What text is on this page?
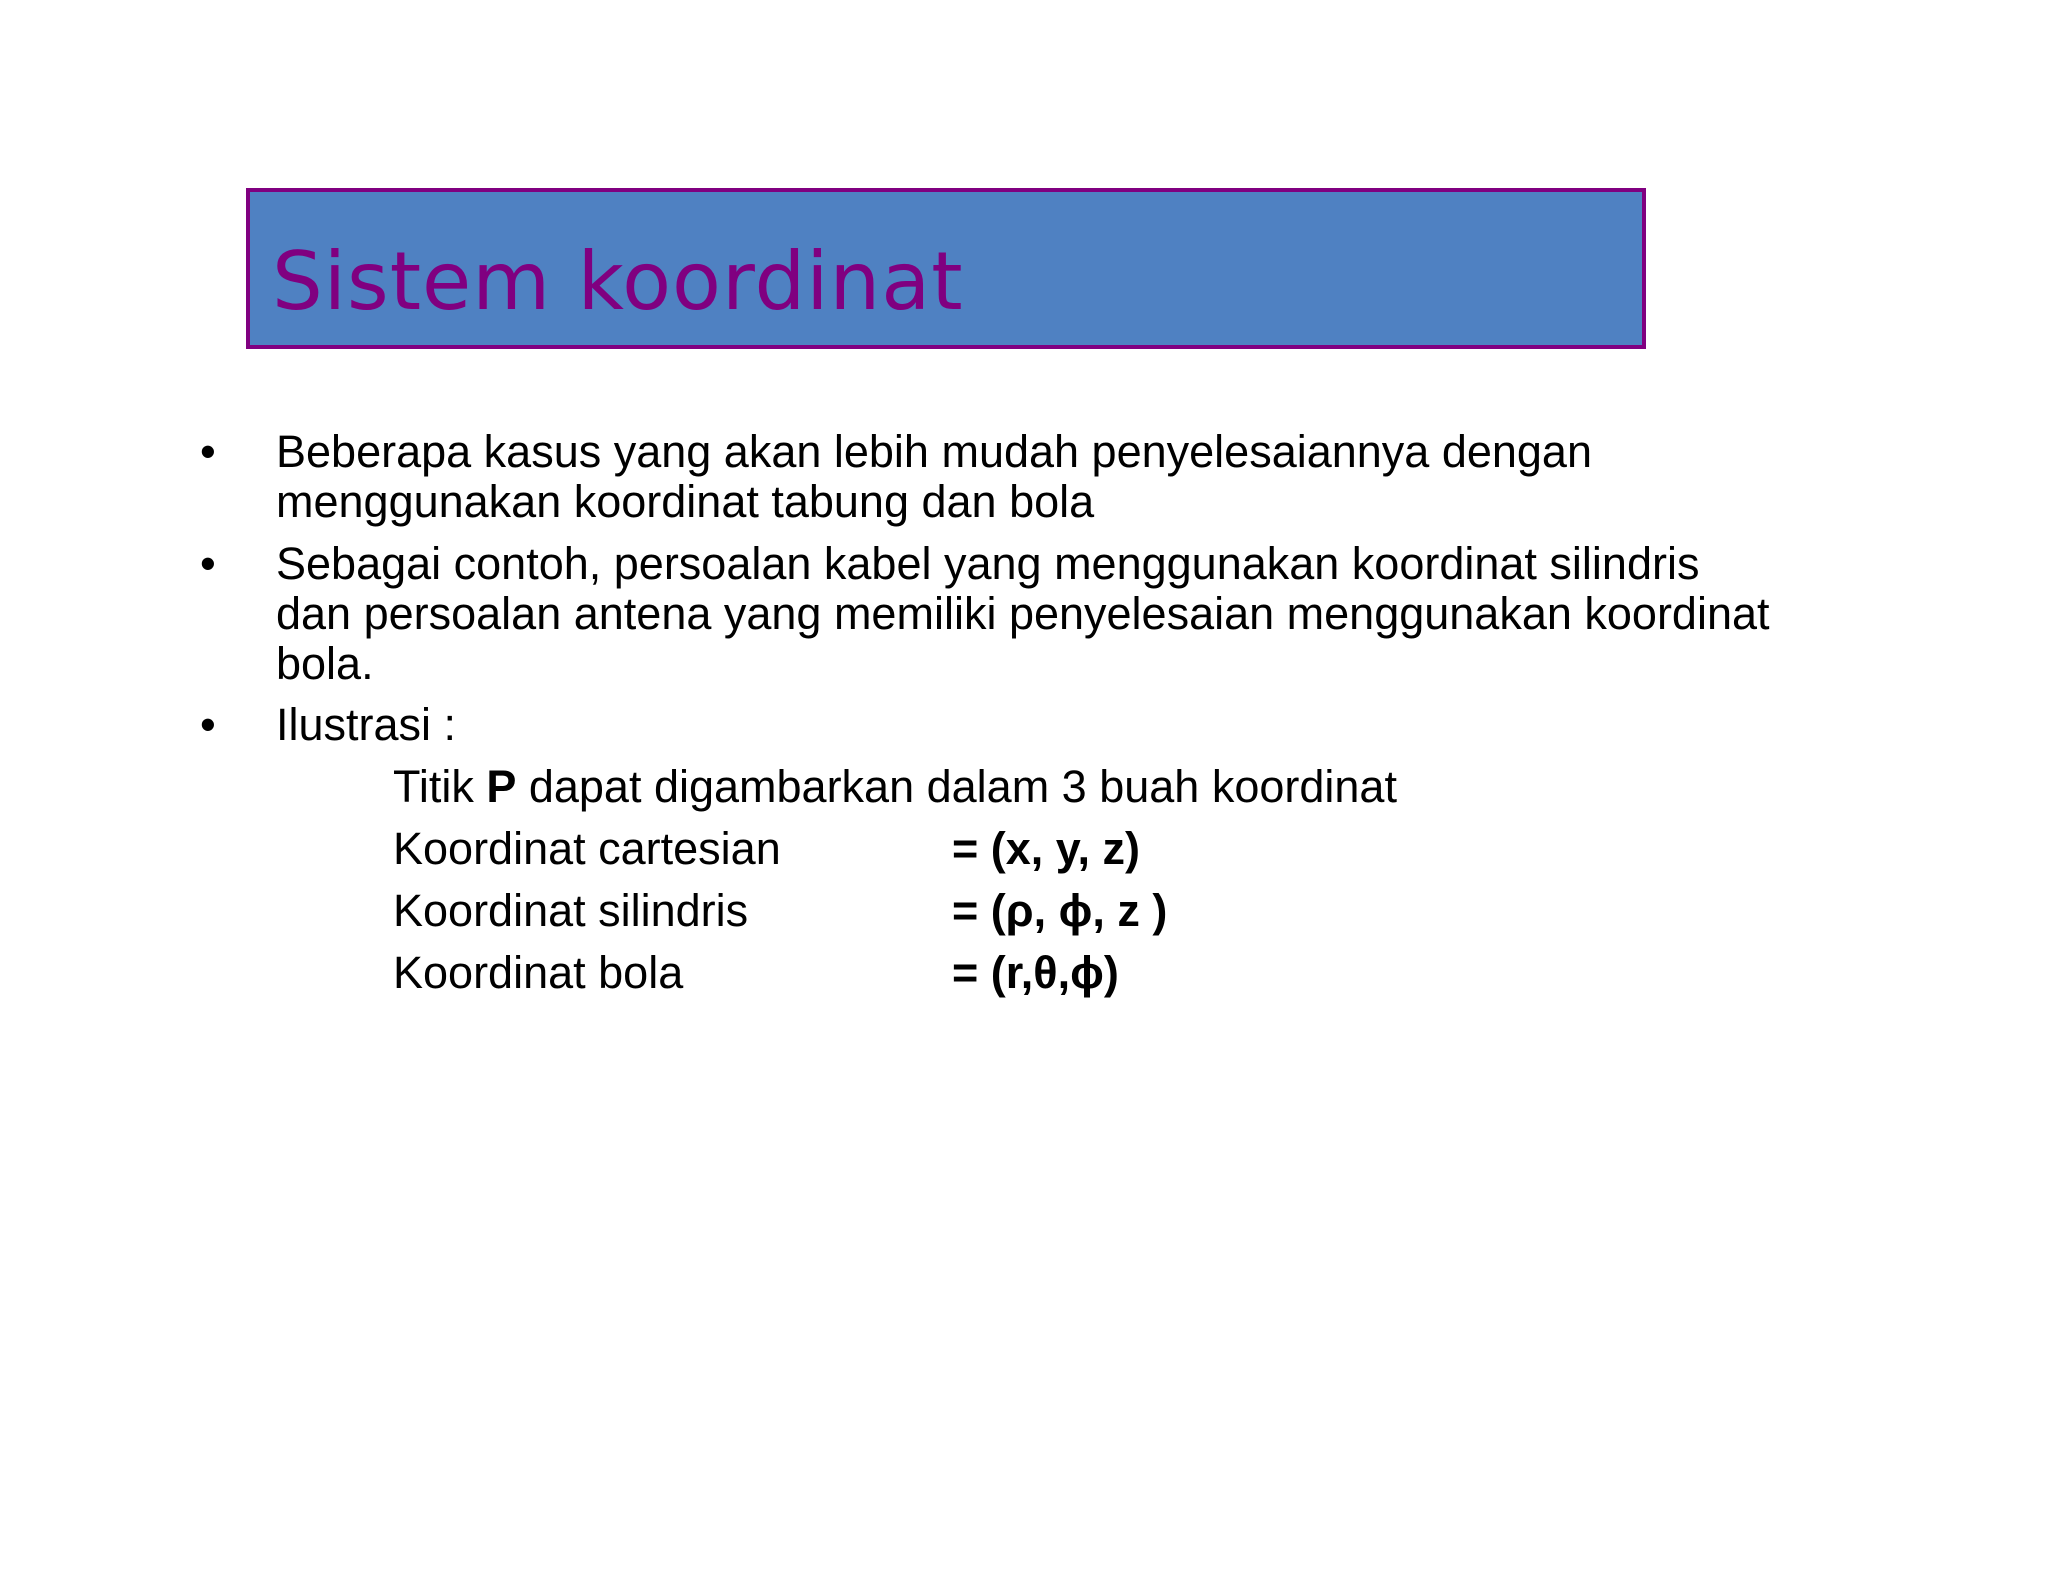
Sistem koordinat
• Beberapa kasus yang akan lebih mudah penyelesaiannya dengan
menggunakan koordinat tabung dan bola
• Sebagai contoh, persoalan kabel yang menggunakan koordinat silindris
dan persoalan antena yang memiliki penyelesaian menggunakan koordinat
bola.
• Ilustrasi :
Titik P dapat digambarkan dalam 3 buah koordinat
Koordinat cartesian	= (x, y, z)
Koordinat silindris	= (ρ, ϕ, z )
Koordinat bola	= (r,θ,ϕ)
